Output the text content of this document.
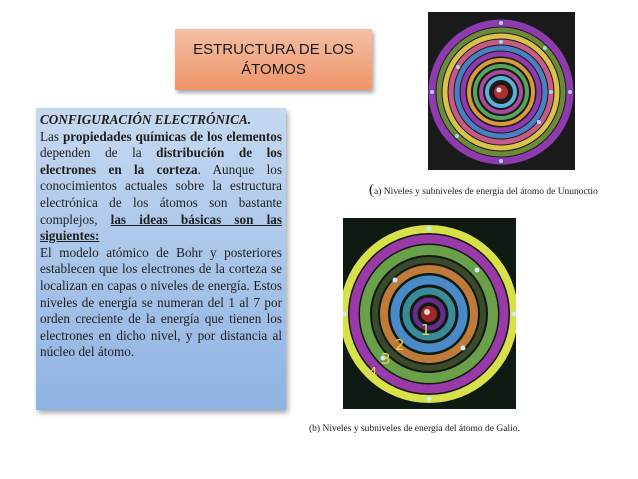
ESTRUCTURA DE LOS
ÁTOMOS

CONFIGURACIÓN ELECTRÓNICA.

Las propiedades químicas de los elementos dependen de la distribución de los electrones en la corteza. Aunque los conocimientos actuales sobre la estructura electrónica de los átomos son bastante complejos, las ideas básicas son las siguientes:

El modelo atómico de Bohr y posteriores establecen que los electrones de la corteza se localizan en capas o niveles de energía. Estos niveles de energía se numeran del 1 al 7 por orden creciente de la energía que tienen los electrones en dicho nivel, y por distancia al núcleo del átomo.

(a) Niveles y subniveles de energía del átomo de Ununoctio
1
2
3
4
(b) Niveles y subniveles de energía del átomo de Galio.
